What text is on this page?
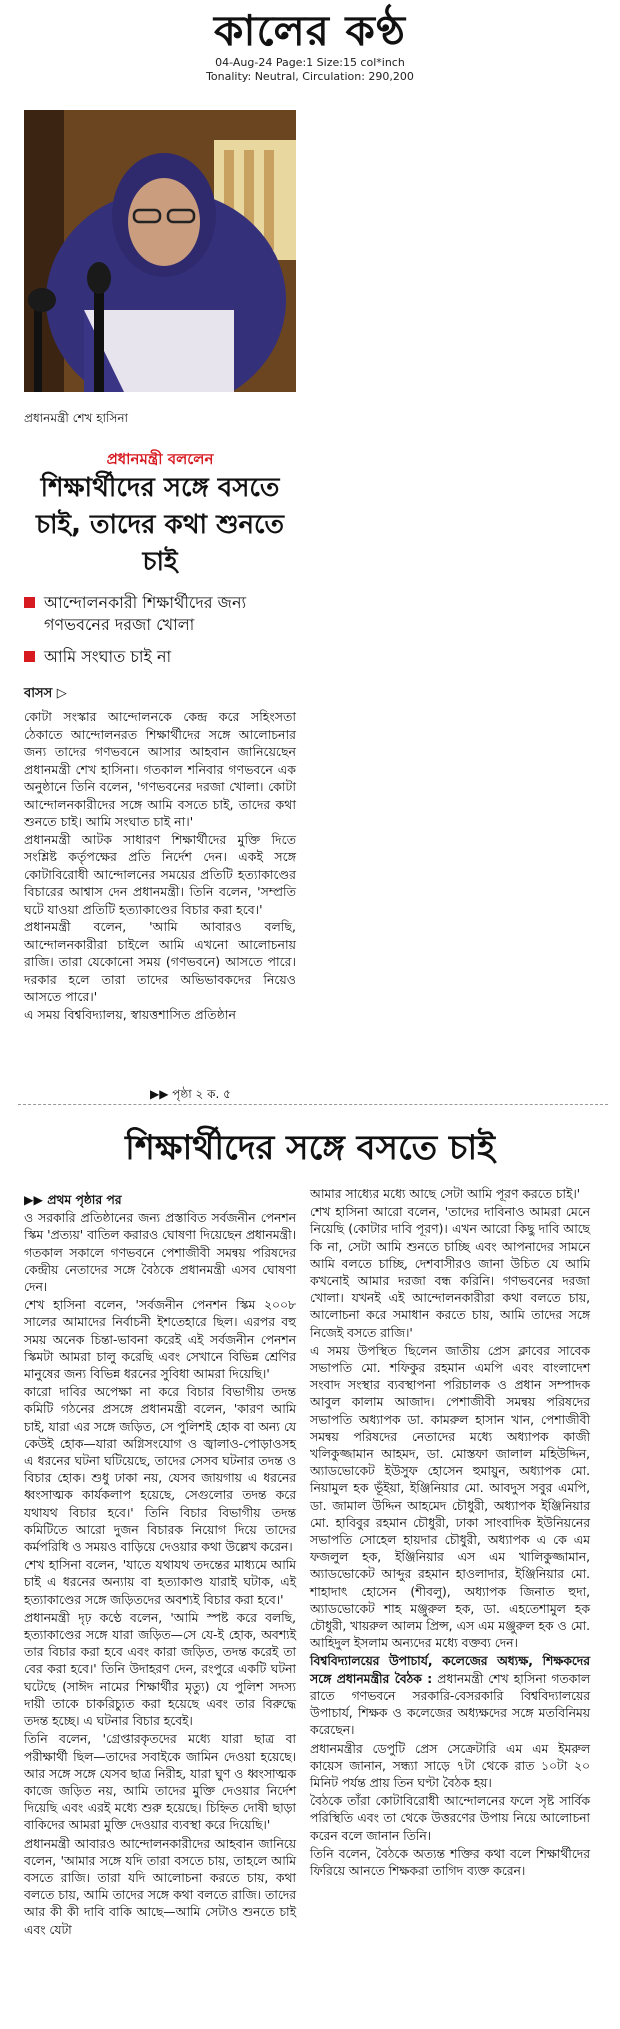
কালের কণ্ঠ
04-Aug-24 Page:1 Size:15 col*inch
Tonality: Neutral, Circulation: 290,200
প্রধানমন্ত্রী শেখ হাসিনা
প্রধানমন্ত্রী বললেন
শিক্ষার্থীদের সঙ্গে বসতে চাই, তাদের কথা শুনতে চাই
আন্দোলনকারী শিক্ষার্থীদের জন্য গণভবনের দরজা খোলা
আমি সংঘাত চাই না
বাসস ▷

কোটা সংস্কার আন্দোলনকে কেন্দ্র করে সহিংসতা ঠেকাতে আন্দোলনরত শিক্ষার্থীদের সঙ্গে আলোচনার জন্য তাদের গণভবনে আসার আহবান জানিয়েছেন প্রধানমন্ত্রী শেখ হাসিনা। গতকাল শনিবার গণভবনে এক অনুষ্ঠানে তিনি বলেন, 'গণভবনের দরজা খোলা। কোটা আন্দোলনকারীদের সঙ্গে আমি বসতে চাই, তাদের কথা শুনতে চাই। আমি সংঘাত চাই না।'

প্রধানমন্ত্রী আটক সাধারণ শিক্ষার্থীদের মুক্তি দিতে সংশ্লিষ্ট কর্তৃপক্ষের প্রতি নির্দেশ দেন। একই সঙ্গে কোটাবিরোধী আন্দোলনের সময়ের প্রতিটি হত্যাকাণ্ডের বিচারের আশ্বাস দেন প্রধানমন্ত্রী। তিনি বলেন, 'সম্প্রতি ঘটে যাওয়া প্রতিটি হত্যাকাণ্ডের বিচার করা হবে।'

প্রধানমন্ত্রী বলেন, 'আমি আবারও বলছি, আন্দোলনকারীরা চাইলে আমি এখনো আলোচনায় রাজি। তারা যেকোনো সময় (গণভবনে) আসতে পারে। দরকার হলে তারা তাদের অভিভাবকদের নিয়েও আসতে পারে।'

এ সময় বিশ্ববিদ্যালয়, স্বায়ত্তশাসিত প্রতিষ্ঠান

▶▶ পৃষ্ঠা ২ ক. ৫
শিক্ষার্থীদের সঙ্গে বসতে চাই

▶▶ প্রথম পৃষ্ঠার পর

ও সরকারি প্রতিষ্ঠানের জন্য প্রস্তাবিত সর্বজনীন পেনশন স্কিম 'প্রত্যয়' বাতিল করারও ঘোষণা দিয়েছেন প্রধানমন্ত্রী। গতকাল সকালে গণভবনে পেশাজীবী সমন্বয় পরিষদের কেন্দ্রীয় নেতাদের সঙ্গে বৈঠকে প্রধানমন্ত্রী এসব ঘোষণা দেন।

শেখ হাসিনা বলেন, 'সর্বজনীন পেনশন স্কিম ২০০৮ সালের আমাদের নির্বাচনী ইশতেহারে ছিল। এরপর বহু সময় অনেক চিন্তা-ভাবনা করেই এই সর্বজনীন পেনশন স্কিমটা আমরা চালু করেছি এবং সেখানে বিভিন্ন শ্রেণির মানুষের জন্য বিভিন্ন ধরনের সুবিধা আমরা দিয়েছি।'

কারো দাবির অপেক্ষা না করে বিচার বিভাগীয় তদন্ত কমিটি গঠনের প্রসঙ্গে প্রধানমন্ত্রী বলেন, 'কারণ আমি চাই, যারা এর সঙ্গে জড়িত, সে পুলিশই হোক বা অন্য যে কেউই হোক—যারা অগ্নিসংযোগ ও জ্বালাও-পোড়াওসহ এ ধরনের ঘটনা ঘটিয়েছে, তাদের সেসব ঘটনার তদন্ত ও বিচার হোক। শুধু ঢাকা নয়, যেসব জায়গায় এ ধরনের ধ্বংসাত্মক কার্যকলাপ হয়েছে, সেগুলোর তদন্ত করে যথাযথ বিচার হবে।' তিনি বিচার বিভাগীয় তদন্ত কমিটিতে আরো দুজন বিচারক নিয়োগ দিয়ে তাদের কর্মপরিধি ও সময়ও বাড়িয়ে দেওয়ার কথা উল্লেখ করেন।

শেখ হাসিনা বলেন, 'যাতে যথাযথ তদন্তের মাধ্যমে আমি চাই এ ধরনের অন্যায় বা হত্যাকাণ্ড যারাই ঘটাক, এই হত্যাকাণ্ডের সঙ্গে জড়িতদের অবশ্যই বিচার করা হবে।'

প্রধানমন্ত্রী দৃঢ় কণ্ঠে বলেন, 'আমি স্পষ্ট করে বলছি, হত্যাকাণ্ডের সঙ্গে যারা জড়িত—সে যে-ই হোক, অবশ্যই তার বিচার করা হবে এবং কারা জড়িত, তদন্ত করেই তা বের করা হবে।' তিনি উদাহরণ দেন, রংপুরে একটি ঘটনা ঘটেছে (সাঈদ নামের শিক্ষার্থীর মৃত্যু) যে পুলিশ সদস্য দায়ী তাকে চাকরিচ্যুত করা হয়েছে এবং তার বিরুদ্ধে তদন্ত হচ্ছে। এ ঘটনার বিচার হবেই।

তিনি বলেন, 'গ্রেপ্তারকৃতদের মধ্যে যারা ছাত্র বা পরীক্ষার্থী ছিল—তাদের সবাইকে জামিন দেওয়া হয়েছে। আর সঙ্গে সঙ্গে যেসব ছাত্র নিরীহ, যারা ঘুণ ও ধ্বংসাত্মক কাজে জড়িত নয়, আমি তাদের মুক্তি দেওয়ার নির্দেশ দিয়েছি এবং এরই মধ্যে শুরু হয়েছে। চিহ্নিত দোষী ছাড়া বাকিদের আমরা মুক্তি দেওয়ার ব্যবস্থা করে দিয়েছি।'

প্রধানমন্ত্রী আবারও আন্দোলনকারীদের আহবান জানিয়ে বলেন, 'আমার সঙ্গে যদি তারা বসতে চায়, তাহলে আমি বসতে রাজি। তারা যদি আলোচনা করতে চায়, কথা বলতে চায়, আমি তাদের সঙ্গে কথা বলতে রাজি। তাদের আর কী কী দাবি বাকি আছে—আমি সেটাও শুনতে চাই এবং যেটা

আমার সাধ্যের মধ্যে আছে সেটা আমি পূরণ করতে চাই।'

শেখ হাসিনা আরো বলেন, 'তাদের দাবিনাও আমরা মেনে নিয়েছি (কোটার দাবি পূরণ)। এখন আরো কিছু দাবি আছে কি না, সেটা আমি শুনতে চাচ্ছি এবং আপনাদের সামনে আমি বলতে চাচ্ছি, দেশবাসীরও জানা উচিত যে আমি কখনোই আমার দরজা বন্ধ করিনি। গণভবনের দরজা খোলা। যখনই এই আন্দোলনকারীরা কথা বলতে চায়, আলোচনা করে সমাধান করতে চায়, আমি তাদের সঙ্গে নিজেই বসতে রাজি।'

এ সময় উপস্থিত ছিলেন জাতীয় প্রেস ক্লাবের সাবেক সভাপতি মো. শফিকুর রহমান এমপি এবং বাংলাদেশ সংবাদ সংস্থার ব্যবস্থাপনা পরিচালক ও প্রধান সম্পাদক আবুল কালাম আজাদ। পেশাজীবী সমন্বয় পরিষদের সভাপতি অধ্যাপক ডা. কামরুল হাসান খান, পেশাজীবী সমন্বয় পরিষদের নেতাদের মধ্যে অধ্যাপক কাজী খলিকুজ্জামান আহমদ, ডা. মোস্তফা জালাল মহিউদ্দিন, অ্যাডভোকেট ইউসুফ হোসেন হুমায়ুন, অধ্যাপক মো. নিয়ামুল হক ভূঁইয়া, ইঞ্জিনিয়ার মো. আবদুস সবুর এমপি, ডা. জামাল উদ্দিন আহমেদ চৌধুরী, অধ্যাপক ইঞ্জিনিয়ার মো. হাবিবুর রহমান চৌধুরী, ঢাকা সাংবাদিক ইউনিয়নের সভাপতি সোহেল হায়দার চৌধুরী, অধ্যাপক এ কে এম ফজলুল হক, ইঞ্জিনিয়ার এস এম খালিকুজ্জামান, অ্যাডভোকেট আব্দুর রহমান হাওলাদার, ইঞ্জিনিয়ার মো. শাহাদাৎ হোসেন (শীবলু), অধ্যাপক জিনাত হুদা, অ্যাডভোকেট শাহ মঞ্জুরুল হক, ডা. এহতেশামুল হক চৌধুরী, খায়রুল আলম প্রিন্স, এস এম মঞ্জুরুল হক ও মো. আহিদুল ইসলাম অন্যদের মধ্যে বক্তব্য দেন।

বিশ্ববিদ্যালয়ের উপাচার্য, কলেজের অধ্যক্ষ, শিক্ষকদের সঙ্গে প্রধানমন্ত্রীর বৈঠক : প্রধানমন্ত্রী শেখ হাসিনা গতকাল রাতে গণভবনে সরকারি-বেসরকারি বিশ্ববিদ্যালয়ের উপাচার্য, শিক্ষক ও কলেজের অধ্যক্ষদের সঙ্গে মতবিনিময় করেছেন।

প্রধানমন্ত্রীর ডেপুটি প্রেস সেক্রেটারি এম এম ইমরুল কায়েস জানান, সন্ধ্যা সাড়ে ৭টা থেকে রাত ১০টা ২০ মিনিট পর্যন্ত প্রায় তিন ঘণ্টা বৈঠক হয়।

বৈঠকে তাঁরা কোটাবিরোধী আন্দোলনের ফলে সৃষ্ট সার্বিক পরিস্থিতি এবং তা থেকে উত্তরণের উপায় নিয়ে আলোচনা করেন বলে জানান তিনি।

তিনি বলেন, বৈঠকে অত্যন্ত শক্তির কথা বলে শিক্ষার্থীদের ফিরিয়ে আনতে শিক্ষকরা তাগিদ ব্যক্ত করেন।
